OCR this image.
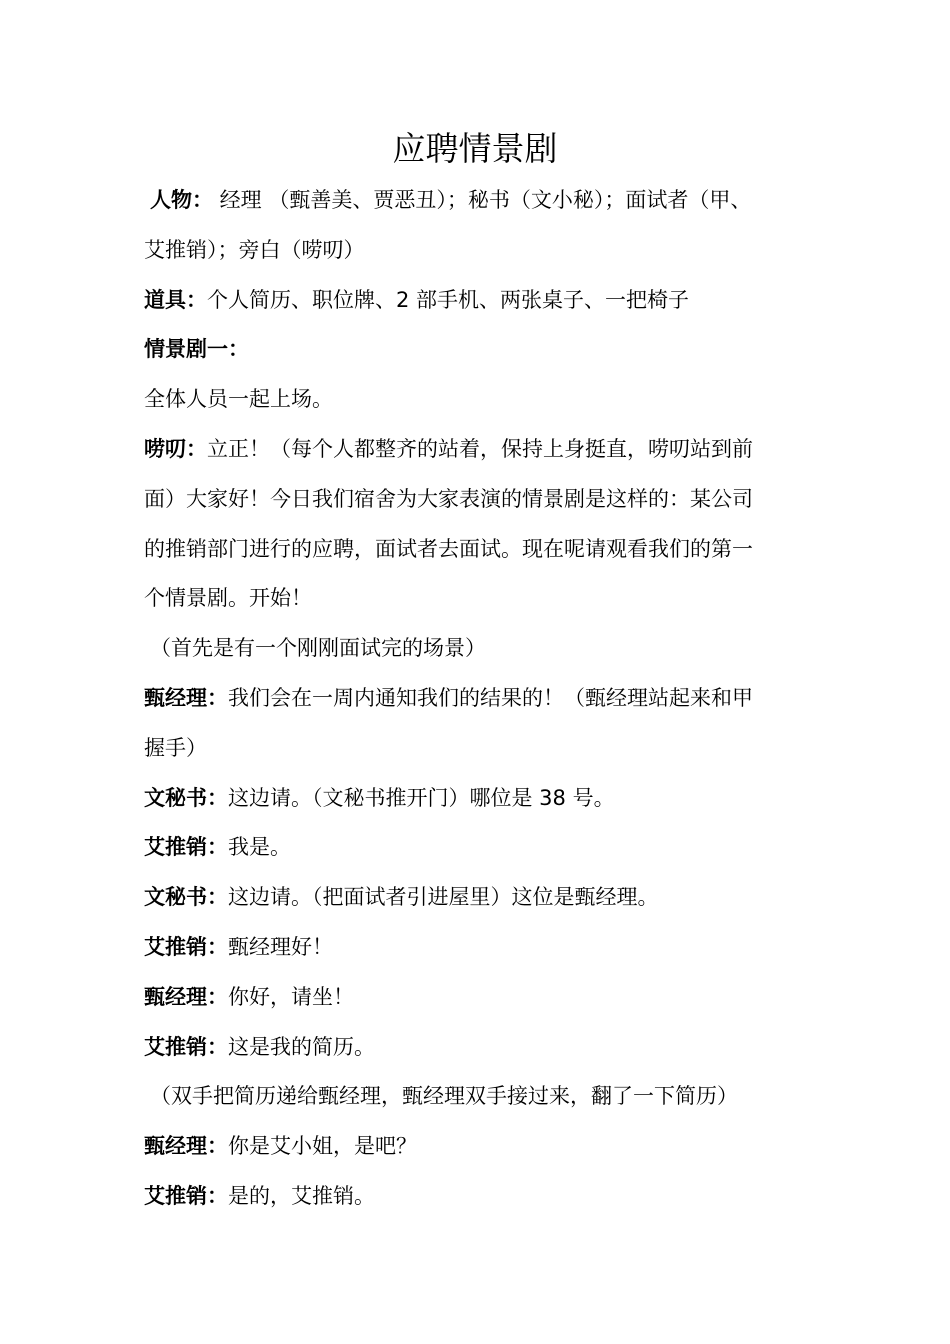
应聘情景剧

人物： 经理 （甄善美、贾恶丑）；秘书（文小秘）；面试者（甲、

艾推销）；旁白（唠叨）

道具：个人简历、职位牌、2 部手机、两张桌子、一把椅子

情景剧一：

全体人员一起上场。

唠叨：立正！（每个人都整齐的站着，保持上身挺直，唠叨站到前

面）大家好！今日我们宿舍为大家表演的情景剧是这样的：某公司

的推销部门进行的应聘，面试者去面试。现在呢请观看我们的第一

个情景剧。开始！

（首先是有一个刚刚面试完的场景）

甄经理：我们会在一周内通知我们的结果的！（甄经理站起来和甲

握手）

文秘书：这边请。（文秘书推开门）哪位是 38 号。

艾推销：我是。

文秘书：这边请。（把面试者引进屋里）这位是甄经理。

艾推销：甄经理好！

甄经理：你好，请坐！

艾推销：这是我的简历。

（双手把简历递给甄经理，甄经理双手接过来，翻了一下简历）

甄经理：你是艾小姐，是吧？

艾推销：是的，艾推销。
